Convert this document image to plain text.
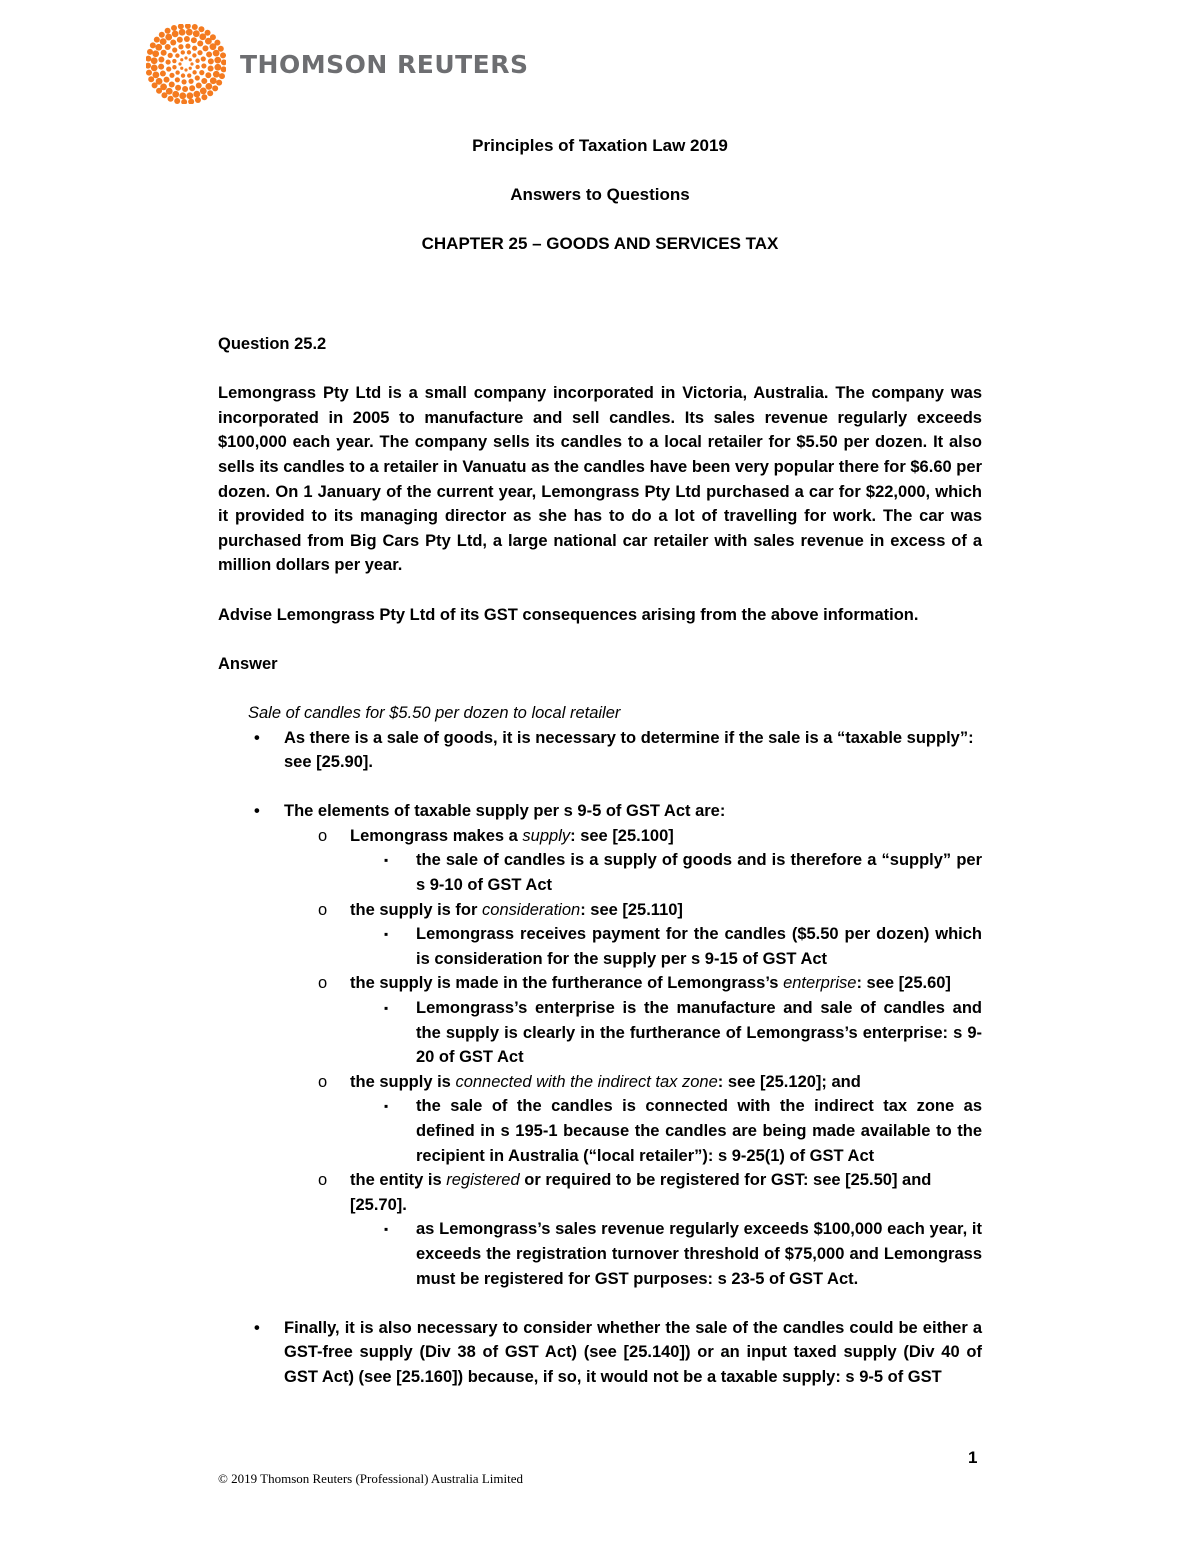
THOMSON REUTERS
Principles of Taxation Law 2019
Answers to Questions
CHAPTER 25 – GOODS AND SERVICES TAX

Question 25.2

Lemongrass Pty Ltd is a small company incorporated in Victoria, Australia. The company was incorporated in 2005 to manufacture and sell candles. Its sales revenue regularly exceeds $100,000 each year. The company sells its candles to a local retailer for $5.50 per dozen. It also sells its candles to a retailer in Vanuatu as the candles have been very popular there for $6.60 per dozen. On 1 January of the current year, Lemongrass Pty Ltd purchased a car for $22,000, which it provided to its managing director as she has to do a lot of travelling for work. The car was purchased from Big Cars Pty Ltd, a large national car retailer with sales revenue in excess of a million dollars per year.

Advise Lemongrass Pty Ltd of its GST consequences arising from the above information.

Answer

Sale of candles for $5.50 per dozen to local retailer

• As there is a sale of goods, it is necessary to determine if the sale is a “taxable supply”: see [25.90].
• The elements of taxable supply per s 9-5 of GST Act are:
o Lemongrass makes a supply: see [25.100]
▪ the sale of candles is a supply of goods and is therefore a “supply” per s 9-10 of GST Act
o the supply is for consideration: see [25.110]
▪ Lemongrass receives payment for the candles ($5.50 per dozen) which is consideration for the supply per s 9-15 of GST Act
o the supply is made in the furtherance of Lemongrass’s enterprise: see [25.60]
▪ Lemongrass’s enterprise is the manufacture and sale of candles and the supply is clearly in the furtherance of Lemongrass’s enterprise: s 9-20 of GST Act
o the supply is connected with the indirect tax zone: see [25.120]; and
▪ the sale of the candles is connected with the indirect tax zone as defined in s 195-1 because the candles are being made available to the recipient in Australia (“local retailer”): s 9-25(1) of GST Act
o the entity is registered or required to be registered for GST: see [25.50] and [25.70].
▪ as Lemongrass’s sales revenue regularly exceeds $100,000 each year, it exceeds the registration turnover threshold of $75,000 and Lemongrass must be registered for GST purposes: s 23-5 of GST Act.
• Finally, it is also necessary to consider whether the sale of the candles could be either a GST-free supply (Div 38 of GST Act) (see [25.140]) or an input taxed supply (Div 40 of GST Act) (see [25.160]) because, if so, it would not be a taxable supply: s 9-5 of GST
1
© 2019 Thomson Reuters (Professional) Australia Limited
